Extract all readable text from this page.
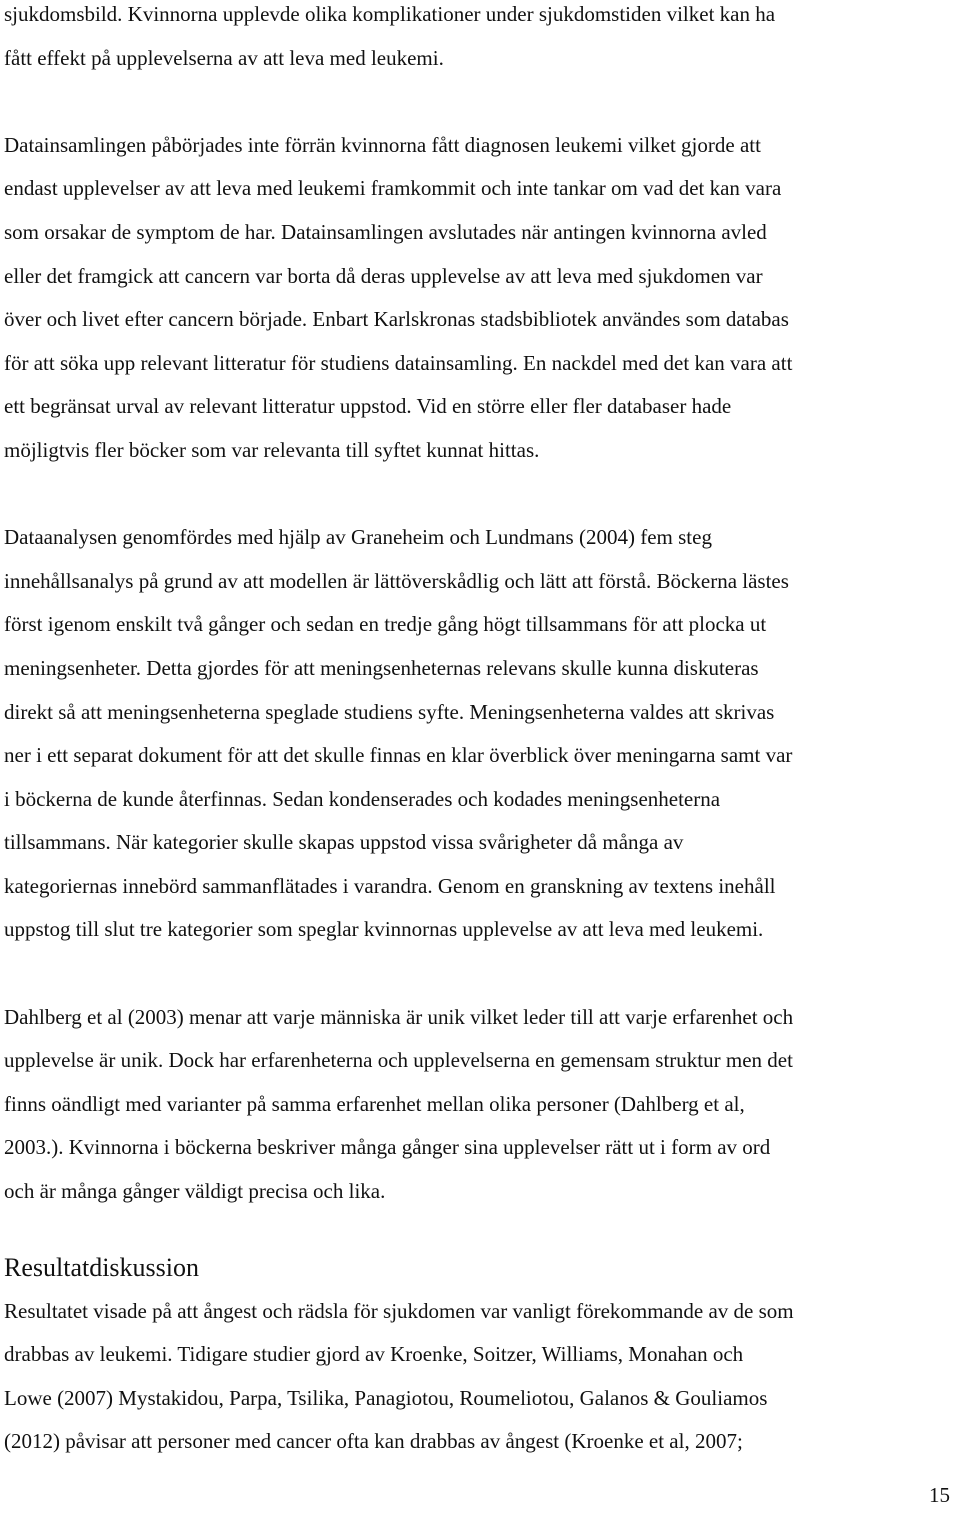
sjukdomsbild. Kvinnorna upplevde olika komplikationer under sjukdomstiden vilket kan ha
fått effekt på upplevelserna av att leva med leukemi.

Datainsamlingen påbörjades inte förrän kvinnorna fått diagnosen leukemi vilket gjorde att
endast upplevelser av att leva med leukemi framkommit och inte tankar om vad det kan vara
som orsakar de symptom de har. Datainsamlingen avslutades när antingen kvinnorna avled
eller det framgick att cancern var borta då deras upplevelse av att leva med sjukdomen var
över och livet efter cancern började. Enbart Karlskronas stadsbibliotek användes som databas
för att söka upp relevant litteratur för studiens datainsamling. En nackdel med det kan vara att
ett begränsat urval av relevant litteratur uppstod. Vid en större eller fler databaser hade
möjligtvis fler böcker som var relevanta till syftet kunnat hittas.

Dataanalysen genomfördes med hjälp av Graneheim och Lundmans (2004) fem steg
innehållsanalys på grund av att modellen är lättöverskådlig och lätt att förstå. Böckerna lästes
först igenom enskilt två gånger och sedan en tredje gång högt tillsammans för att plocka ut
meningsenheter. Detta gjordes för att meningsenheternas relevans skulle kunna diskuteras
direkt så att meningsenheterna speglade studiens syfte. Meningsenheterna valdes att skrivas
ner i ett separat dokument för att det skulle finnas en klar överblick över meningarna samt var
i böckerna de kunde återfinnas. Sedan kondenserades och kodades meningsenheterna
tillsammans. När kategorier skulle skapas uppstod vissa svårigheter då många av
kategoriernas innebörd sammanflätades i varandra. Genom en granskning av textens inehåll
uppstog till slut tre kategorier som speglar kvinnornas upplevelse av att leva med leukemi.

Dahlberg et al (2003) menar att varje människa är unik vilket leder till att varje erfarenhet och
upplevelse är unik. Dock har erfarenheterna och upplevelserna en gemensam struktur men det
finns oändligt med varianter på samma erfarenhet mellan olika personer (Dahlberg et al,
2003.). Kvinnorna i böckerna beskriver många gånger sina upplevelser rätt ut i form av ord
och är många gånger väldigt precisa och lika.

Resultatdiskussion

Resultatet visade på att ångest och rädsla för sjukdomen var vanligt förekommande av de som
drabbas av leukemi. Tidigare studier gjord av Kroenke, Soitzer, Williams, Monahan och
Lowe (2007) Mystakidou, Parpa, Tsilika, Panagiotou, Roumeliotou, Galanos & Gouliamos
(2012) påvisar att personer med cancer ofta kan drabbas av ångest (Kroenke et al, 2007;

15
